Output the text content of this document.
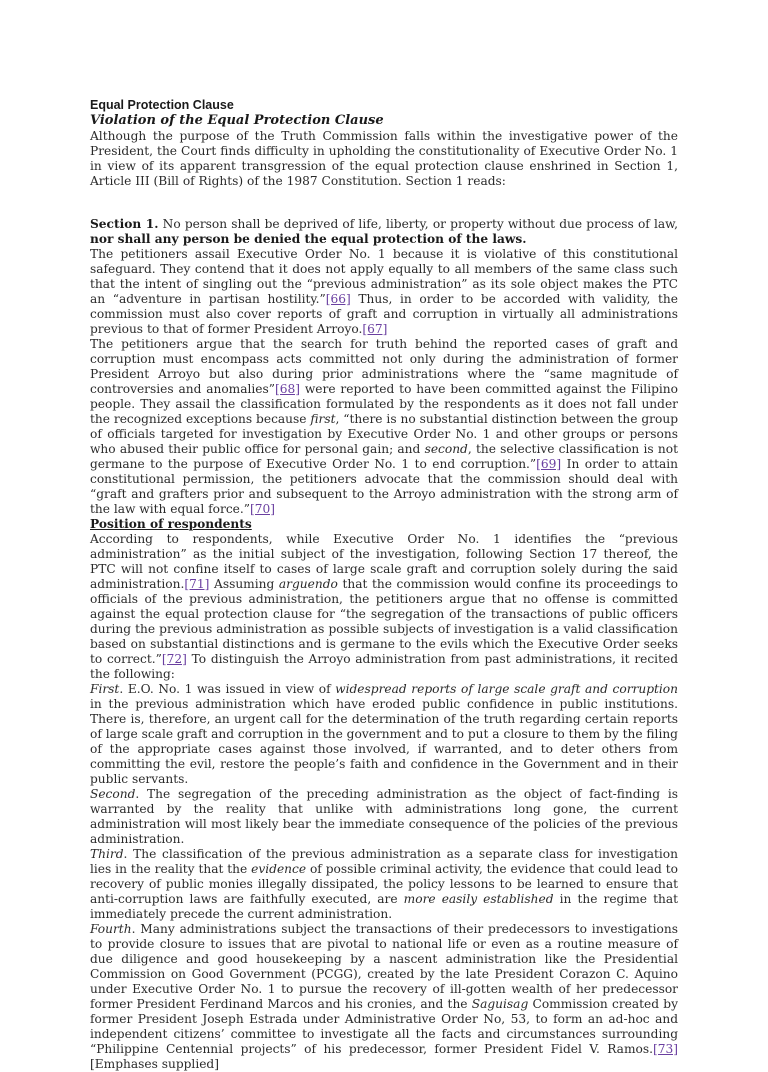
Equal Protection Clause
Violation of the Equal Protection Clause

Although the purpose of the Truth Commission falls within the investigative power of the President, the Court finds difficulty in upholding the constitutionality of Executive Order No. 1 in view of its apparent transgression of the equal protection clause enshrined in Section 1, Article III (Bill of Rights) of the 1987 Constitution. Section 1 reads:

Section 1. No person shall be deprived of life, liberty, or property without due process of law, nor shall any person be denied the equal protection of the laws.

The petitioners assail Executive Order No. 1 because it is violative of this constitutional safeguard. They contend that it does not apply equally to all members of the same class such that the intent of singling out the “previous administration” as its sole object makes the PTC an “adventure in partisan hostility.”[66] Thus, in order to be accorded with validity, the commission must also cover reports of graft and corruption in virtually all administrations previous to that of former President Arroyo.[67]

The petitioners argue that the search for truth behind the reported cases of graft and corruption must encompass acts committed not only during the administration of former President Arroyo but also during prior administrations where the “same magnitude of controversies and anomalies”[68] were reported to have been committed against the Filipino people. They assail the classification formulated by the respondents as it does not fall under the recognized exceptions because first, “there is no substantial distinction between the group of officials targeted for investigation by Executive Order No. 1 and other groups or persons who abused their public office for personal gain; and second, the selective classification is not germane to the purpose of Executive Order No. 1 to end corruption.”[69] In order to attain constitutional permission, the petitioners advocate that the commission should deal with “graft and grafters prior and subsequent to the Arroyo administration with the strong arm of the law with equal force.”[70]

Position of respondents

According to respondents, while Executive Order No. 1 identifies the “previous administration” as the initial subject of the investigation, following Section 17 thereof, the PTC will not confine itself to cases of large scale graft and corruption solely during the said administration.[71] Assuming arguendo that the commission would confine its proceedings to officials of the previous administration, the petitioners argue that no offense is committed against the equal protection clause for “the segregation of the transactions of public officers during the previous administration as possible subjects of investigation is a valid classification based on substantial distinctions and is germane to the evils which the Executive Order seeks to correct.”[72] To distinguish the Arroyo administration from past administrations, it recited the following:

First. E.O. No. 1 was issued in view of widespread reports of large scale graft and corruption in the previous administration which have eroded public confidence in public institutions. There is, therefore, an urgent call for the determination of the truth regarding certain reports of large scale graft and corruption in the government and to put a closure to them by the filing of the appropriate cases against those involved, if warranted, and to deter others from committing the evil, restore the people’s faith and confidence in the Government and in their public servants.

Second. The segregation of the preceding administration as the object of fact-finding is warranted by the reality that unlike with administrations long gone, the current administration will most likely bear the immediate consequence of the policies of the previous administration.

Third. The classification of the previous administration as a separate class for investigation lies in the reality that the evidence of possible criminal activity, the evidence that could lead to recovery of public monies illegally dissipated, the policy lessons to be learned to ensure that anti-corruption laws are faithfully executed, are more easily established in the regime that immediately precede the current administration.

Fourth. Many administrations subject the transactions of their predecessors to investigations to provide closure to issues that are pivotal to national life or even as a routine measure of due diligence and good housekeeping by a nascent administration like the Presidential Commission on Good Government (PCGG), created by the late President Corazon C. Aquino under Executive Order No. 1 to pursue the recovery of ill-gotten wealth of her predecessor former President Ferdinand Marcos and his cronies, and the Saguisag Commission created by former President Joseph Estrada under Administrative Order No, 53, to form an ad-hoc and independent citizens’ committee to investigate all the facts and circumstances surrounding “Philippine Centennial projects” of his predecessor, former President Fidel V. Ramos.[73] [Emphases supplied]
